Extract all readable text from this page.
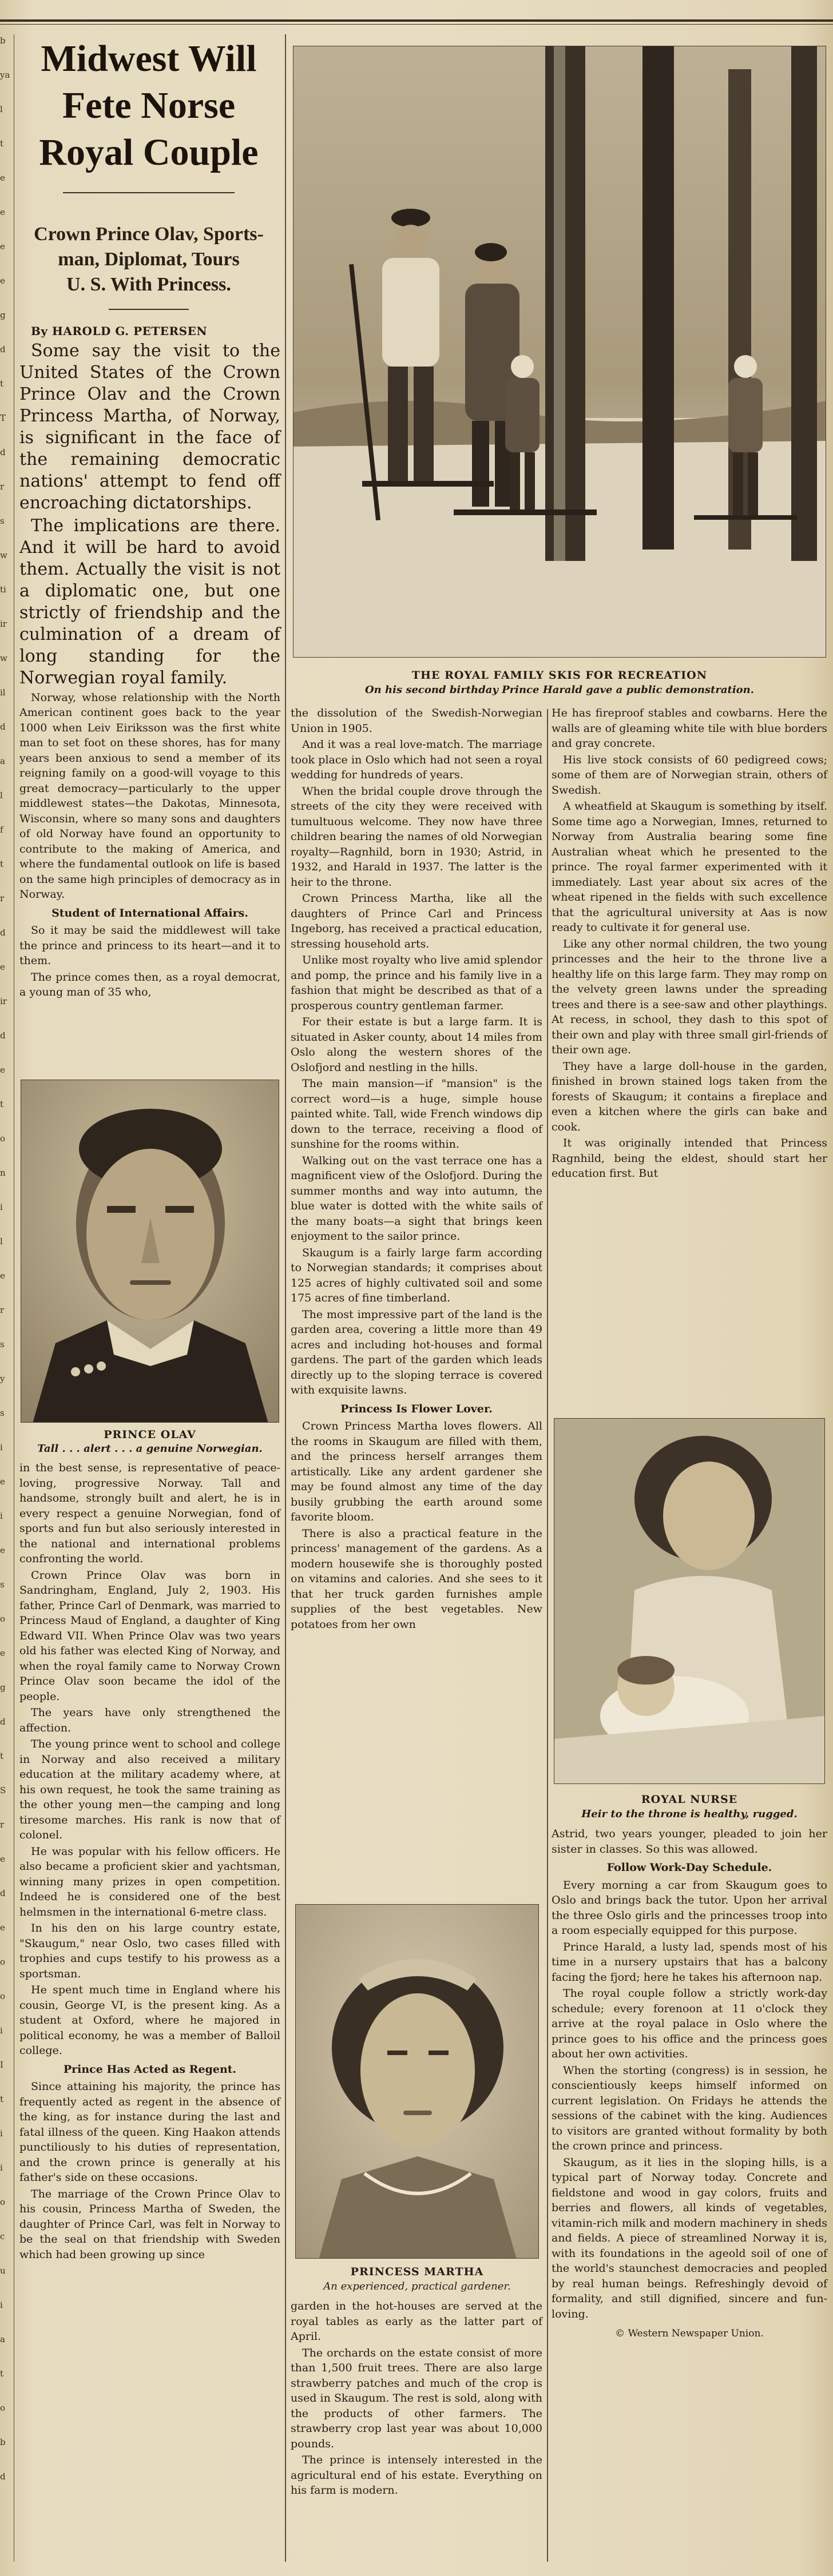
b
ya
l
t
e
e
e
e
g
d
t
T
d
r
s
w
ti
ir
w
il
d
a
l
f
t
r
d
e
ir
d
e
t
o
n
i
l
e
r
s
y
s
i
e
i
e
s
o
e
g
d
t
S
r
e
d
e
o
o
i
I
t
i
i
o
c
u
i
a
t
o
b
d
Midwest Will
Fete Norse
Royal Couple
Crown Prince Olav, Sports-
man, Diplomat, Tours
U. S. With Princess.

By HAROLD G. PETERSEN

Some say the visit to the United States of the Crown Prince Olav and the Crown Princess Martha, of Norway, is significant in the face of the remaining democratic nations' attempt to fend off encroaching dictatorships.

The implications are there. And it will be hard to avoid them. Actually the visit is not a diplomatic one, but one strictly of friendship and the culmination of a dream of long standing for the Norwegian royal family.

Norway, whose relationship with the North American continent goes back to the year 1000 when Leiv Eiriksson was the first white man to set foot on these shores, has for many years been anxious to send a member of its reigning family on a good-will voyage to this great democracy—particularly to the upper middlewest states—the Dakotas, Minnesota, Wisconsin, where so many sons and daughters of old Norway have found an opportunity to contribute to the making of America, and where the fundamental outlook on life is based on the same high principles of democracy as in Norway.

Student of International Affairs.

So it may be said the middlewest will take the prince and princess to its heart—and it to them.

The prince comes then, as a royal democrat, a young man of 35 who,

PRINCE OLAV
Tall . . . alert . . . a genuine Norwegian.

in the best sense, is representative of peace-loving, progressive Norway. Tall and handsome, strongly built and alert, he is in every respect a genuine Norwegian, fond of sports and fun but also seriously interested in the national and international problems confronting the world.

Crown Prince Olav was born in Sandringham, England, July 2, 1903. His father, Prince Carl of Denmark, was married to Princess Maud of England, a daughter of King Edward VII. When Prince Olav was two years old his father was elected King of Norway, and when the royal family came to Norway Crown Prince Olav soon became the idol of the people.

The years have only strengthened the affection.

The young prince went to school and college in Norway and also received a military education at the military academy where, at his own request, he took the same training as the other young men—the camping and long tiresome marches. His rank is now that of colonel.

He was popular with his fellow officers. He also became a proficient skier and yachtsman, winning many prizes in open competition. Indeed he is considered one of the best helmsmen in the international 6-metre class.

In his den on his large country estate, "Skaugum," near Oslo, two cases filled with trophies and cups testify to his prowess as a sportsman.

He spent much time in England where his cousin, George VI, is the present king. As a student at Oxford, where he majored in political economy, he was a member of Balloil college.

Prince Has Acted as Regent.

Since attaining his majority, the prince has frequently acted as regent in the absence of the king, as for instance during the last and fatal illness of the queen. King Haakon attends punctiliously to his duties of representation, and the crown prince is generally at his father's side on these occasions.

The marriage of the Crown Prince Olav to his cousin, Princess Martha of Sweden, the daughter of Prince Carl, was felt in Norway to be the seal on that friendship with Sweden which had been growing up since

THE ROYAL FAMILY SKIS FOR RECREATION
On his second birthday Prince Harald gave a public demonstration.

the dissolution of the Swedish-Norwegian Union in 1905.

And it was a real love-match. The marriage took place in Oslo which had not seen a royal wedding for hundreds of years.

When the bridal couple drove through the streets of the city they were received with tumultuous welcome. They now have three children bearing the names of old Norwegian royalty—Ragnhild, born in 1930; Astrid, in 1932, and Harald in 1937. The latter is the heir to the throne.

Crown Princess Martha, like all the daughters of Prince Carl and Princess Ingeborg, has received a practical education, stressing household arts.

Unlike most royalty who live amid splendor and pomp, the prince and his family live in a fashion that might be described as that of a prosperous country gentleman farmer.

For their estate is but a large farm. It is situated in Asker county, about 14 miles from Oslo along the western shores of the Oslofjord and nestling in the hills.

The main mansion—if "mansion" is the correct word—is a huge, simple house painted white. Tall, wide French windows dip down to the terrace, receiving a flood of sunshine for the rooms within.

Walking out on the vast terrace one has a magnificent view of the Oslofjord. During the summer months and way into autumn, the blue water is dotted with the white sails of the many boats—a sight that brings keen enjoyment to the sailor prince.

Skaugum is a fairly large farm according to Norwegian standards; it comprises about 125 acres of highly cultivated soil and some 175 acres of fine timberland.

The most impressive part of the land is the garden area, covering a little more than 49 acres and including hot-houses and formal gardens. The part of the garden which leads directly up to the sloping terrace is covered with exquisite lawns.

Princess Is Flower Lover.

Crown Princess Martha loves flowers. All the rooms in Skaugum are filled with them, and the princess herself arranges them artistically. Like any ardent gardener she may be found almost any time of the day busily grubbing the earth around some favorite bloom.

There is also a practical feature in the princess' management of the gardens. As a modern housewife she is thoroughly posted on vitamins and calories. And she sees to it that her truck garden furnishes ample supplies of the best vegetables. New potatoes from her own

PRINCESS MARTHA
An experienced, practical gardener.

garden in the hot-houses are served at the royal tables as early as the latter part of April.

The orchards on the estate consist of more than 1,500 fruit trees. There are also large strawberry patches and much of the crop is used in Skaugum. The rest is sold, along with the products of other farmers. The strawberry crop last year was about 10,000 pounds.

The prince is intensely interested in the agricultural end of his estate. Everything on his farm is modern.

He has fireproof stables and cowbarns. Here the walls are of gleaming white tile with blue borders and gray concrete.

His live stock consists of 60 pedigreed cows; some of them are of Norwegian strain, others of Swedish.

A wheatfield at Skaugum is something by itself. Some time ago a Norwegian, Imnes, returned to Norway from Australia bearing some fine Australian wheat which he presented to the prince. The royal farmer experimented with it immediately. Last year about six acres of the wheat ripened in the fields with such excellence that the agricultural university at Aas is now ready to cultivate it for general use.

Like any other normal children, the two young princesses and the heir to the throne live a healthy life on this large farm. They may romp on the velvety green lawns under the spreading trees and there is a see-saw and other playthings. At recess, in school, they dash to this spot of their own and play with three small girl-friends of their own age.

They have a large doll-house in the garden, finished in brown stained logs taken from the forests of Skaugum; it contains a fireplace and even a kitchen where the girls can bake and cook.

It was originally intended that Princess Ragnhild, being the eldest, should start her education first. But

ROYAL NURSE
Heir to the throne is healthy, rugged.

Astrid, two years younger, pleaded to join her sister in classes. So this was allowed.

Follow Work-Day Schedule.

Every morning a car from Skaugum goes to Oslo and brings back the tutor. Upon her arrival the three Oslo girls and the princesses troop into a room especially equipped for this purpose.

Prince Harald, a lusty lad, spends most of his time in a nursery upstairs that has a balcony facing the fjord; here he takes his afternoon nap.

The royal couple follow a strictly work-day schedule; every forenoon at 11 o'clock they arrive at the royal palace in Oslo where the prince goes to his office and the princess goes about her own activities.

When the storting (congress) is in session, he conscientiously keeps himself informed on current legislation. On Fridays he attends the sessions of the cabinet with the king. Audiences to visitors are granted without formality by both the crown prince and princess.

Skaugum, as it lies in the sloping hills, is a typical part of Norway today. Concrete and fieldstone and wood in gay colors, fruits and berries and flowers, all kinds of vegetables, vitamin-rich milk and modern machinery in sheds and fields. A piece of streamlined Norway it is, with its foundations in the ageold soil of one of the world's staunchest democracies and peopled by real human beings. Refreshingly devoid of formality, and still dignified, sincere and fun-loving.

© Western Newspaper Union.
